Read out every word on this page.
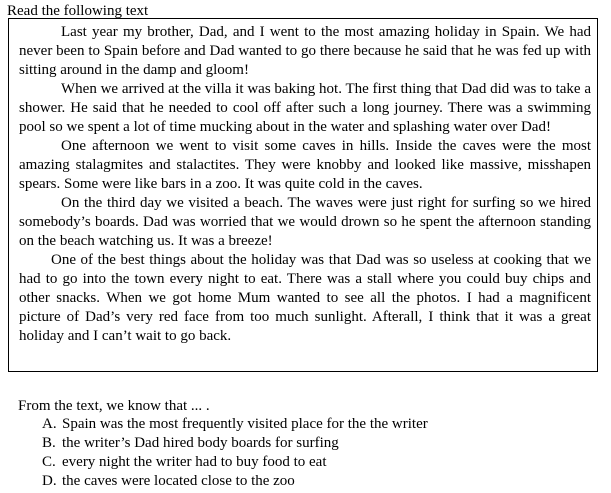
Read the following text

Last year my brother, Dad, and I went to the most amazing holiday in Spain. We had never been to Spain before and Dad wanted to go there because he said that he was fed up with sitting around in the damp and gloom!

When we arrived at the villa it was baking hot. The first thing that Dad did was to take a shower. He said that he needed to cool off after such a long journey. There was a swimming pool so we spent a lot of time mucking about in the water and splashing water over Dad!

One afternoon we went to visit some caves in hills. Inside the caves were the most amazing stalagmites and stalactites. They were knobby and looked like massive, misshapen spears. Some were like bars in a zoo. It was quite cold in the caves.

On the third day we visited a beach. The waves were just right for surfing so we hired somebody’s boards. Dad was worried that we would drown so he spent the afternoon standing on the beach watching us. It was a breeze!

One of the best things about the holiday was that Dad was so useless at cooking that we had to go into the town every night to eat. There was a stall where you could buy chips and other snacks. When we got home Mum wanted to see all the photos. I had a magnificent picture of Dad’s very red face from too much sunlight. Afterall, I think that it was a great holiday and I can’t wait to go back.

From the text, we know that ... .
A. Spain was the most frequently visited place for the the writer
B. the writer’s Dad hired body boards for surfing
C. every night the writer had to buy food to eat
D. the caves were located close to the zoo
